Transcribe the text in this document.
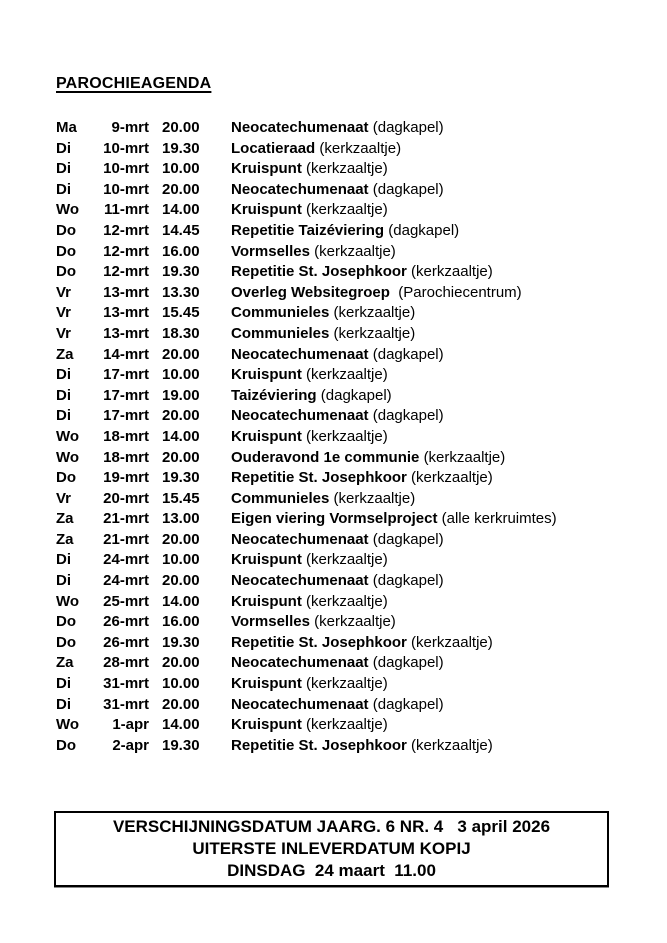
PAROCHIEAGENDA
Ma	9-mrt 20.00	Neocatechumenaat (dagkapel)
Di	10-mrt 19.30	Locatieraad (kerkzaaltje)
Di	10-mrt 10.00	Kruispunt (kerkzaaltje)
Di	10-mrt 20.00	Neocatechumenaat (dagkapel)
Wo	11-mrt 14.00	Kruispunt (kerkzaaltje)
Do	12-mrt 14.45	Repetitie Taizéviering (dagkapel)
Do	12-mrt 16.00	Vormselles (kerkzaaltje)
Do	12-mrt 19.30	Repetitie St. Josephkoor (kerkzaaltje)
Vr	13-mrt 13.30	Overleg Websitegroep  (Parochiecentrum)
Vr	13-mrt 15.45	Communieles (kerkzaaltje)
Vr	13-mrt 18.30	Communieles (kerkzaaltje)
Za	14-mrt 20.00	Neocatechumenaat (dagkapel)
Di	17-mrt 10.00	Kruispunt (kerkzaaltje)
Di	17-mrt 19.00	Taizéviering (dagkapel)
Di	17-mrt 20.00	Neocatechumenaat (dagkapel)
Wo	18-mrt 14.00	Kruispunt (kerkzaaltje)
Wo	18-mrt 20.00	Ouderavond 1e communie (kerkzaaltje)
Do	19-mrt 19.30	Repetitie St. Josephkoor (kerkzaaltje)
Vr	20-mrt 15.45	Communieles (kerkzaaltje)
Za	21-mrt 13.00	Eigen viering Vormselproject (alle kerkruimtes)
Za	21-mrt 20.00	Neocatechumenaat (dagkapel)
Di	24-mrt 10.00	Kruispunt (kerkzaaltje)
Di	24-mrt 20.00	Neocatechumenaat (dagkapel)
Wo	25-mrt 14.00	Kruispunt (kerkzaaltje)
Do	26-mrt 16.00	Vormselles (kerkzaaltje)
Do	26-mrt 19.30	Repetitie St. Josephkoor (kerkzaaltje)
Za	28-mrt 20.00	Neocatechumenaat (dagkapel)
Di	31-mrt 10.00	Kruispunt (kerkzaaltje)
Di	31-mrt 20.00	Neocatechumenaat (dagkapel)
Wo	1-apr 14.00	Kruispunt (kerkzaaltje)
Do	2-apr 19.30	Repetitie St. Josephkoor (kerkzaaltje)
VERSCHIJNINGSDATUM JAARG. 6 NR. 4   3 april 2026
UITERSTE INLEVERDATUM KOPIJ
DINSDAG  24 maart  11.00
